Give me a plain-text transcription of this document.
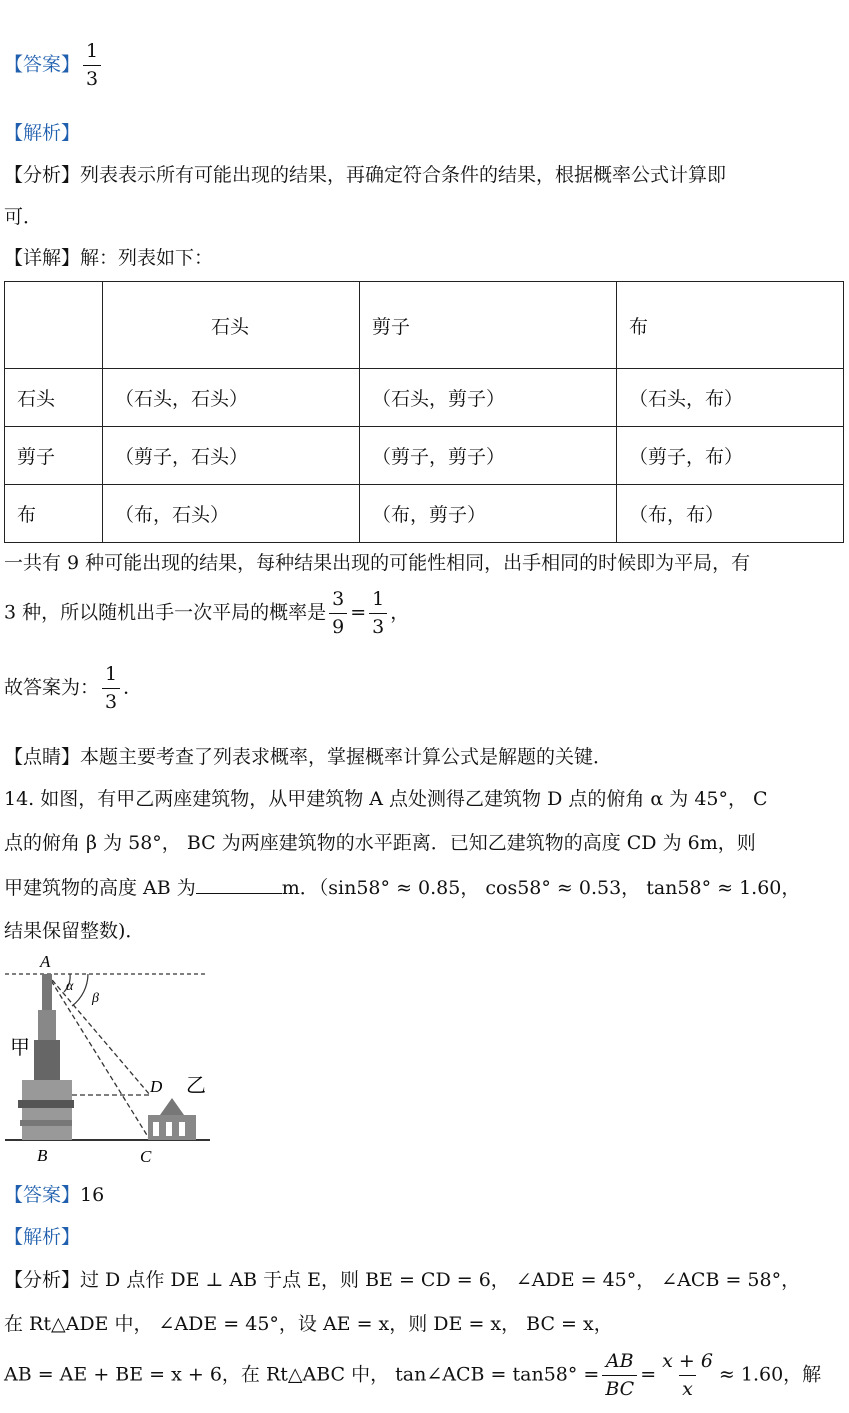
【答案】 $\frac{1}{3}$
【解析】
【分析】列表表示所有可能出现的结果，再确定符合条件的结果，根据概率公式计算即
可．
【详解】解：列表如下：
	石头	剪子	布
石头	（石头，石头）	（石头，剪子）	（石头，布）
剪子	（剪子，石头）	（剪子，剪子）	（剪子，布）
布	（布，石头）	（布，剪子）	（布，布）
一共有 9 种可能出现的结果，每种结果出现的可能性相同，出手相同的时候即为平局，有
3 种，所以随机出手一次平局的概率是 $\frac{3}{9} = \frac{1}{3}$ ，
故答案为： $\frac{1}{3}$ ．
【点睛】本题主要考查了列表求概率，掌握概率计算公式是解题的关键．
14. 如图，有甲乙两座建筑物，从甲建筑物 A 点处测得乙建筑物 D 点的俯角 α 为 45°， C
点的俯角 β 为 58°， BC 为两座建筑物的水平距离．已知乙建筑物的高度 CD 为 6m，则
甲建筑物的高度 AB 为	m．（sin58° ≈ 0.85， cos58° ≈ 0.53， tan58° ≈ 1.60，
结果保留整数)．
A
B	C
D
α
β
甲
乙
【答案】16
【解析】
【分析】过 D 点作 DE ⊥ AB 于点 E，则 BE = CD = 6， ∠ADE = 45°， ∠ACB = 58°，
在 Rt△ADE 中， ∠ADE = 45°，设 AE = x，则 DE = x， BC = x，
AB = AE + BE = x + 6，在 Rt△ABC 中， tan∠ACB = $\tan 58^\circ = \frac{AB}{BC} = \frac{x + 6}{x} \approx 1.60$，解
